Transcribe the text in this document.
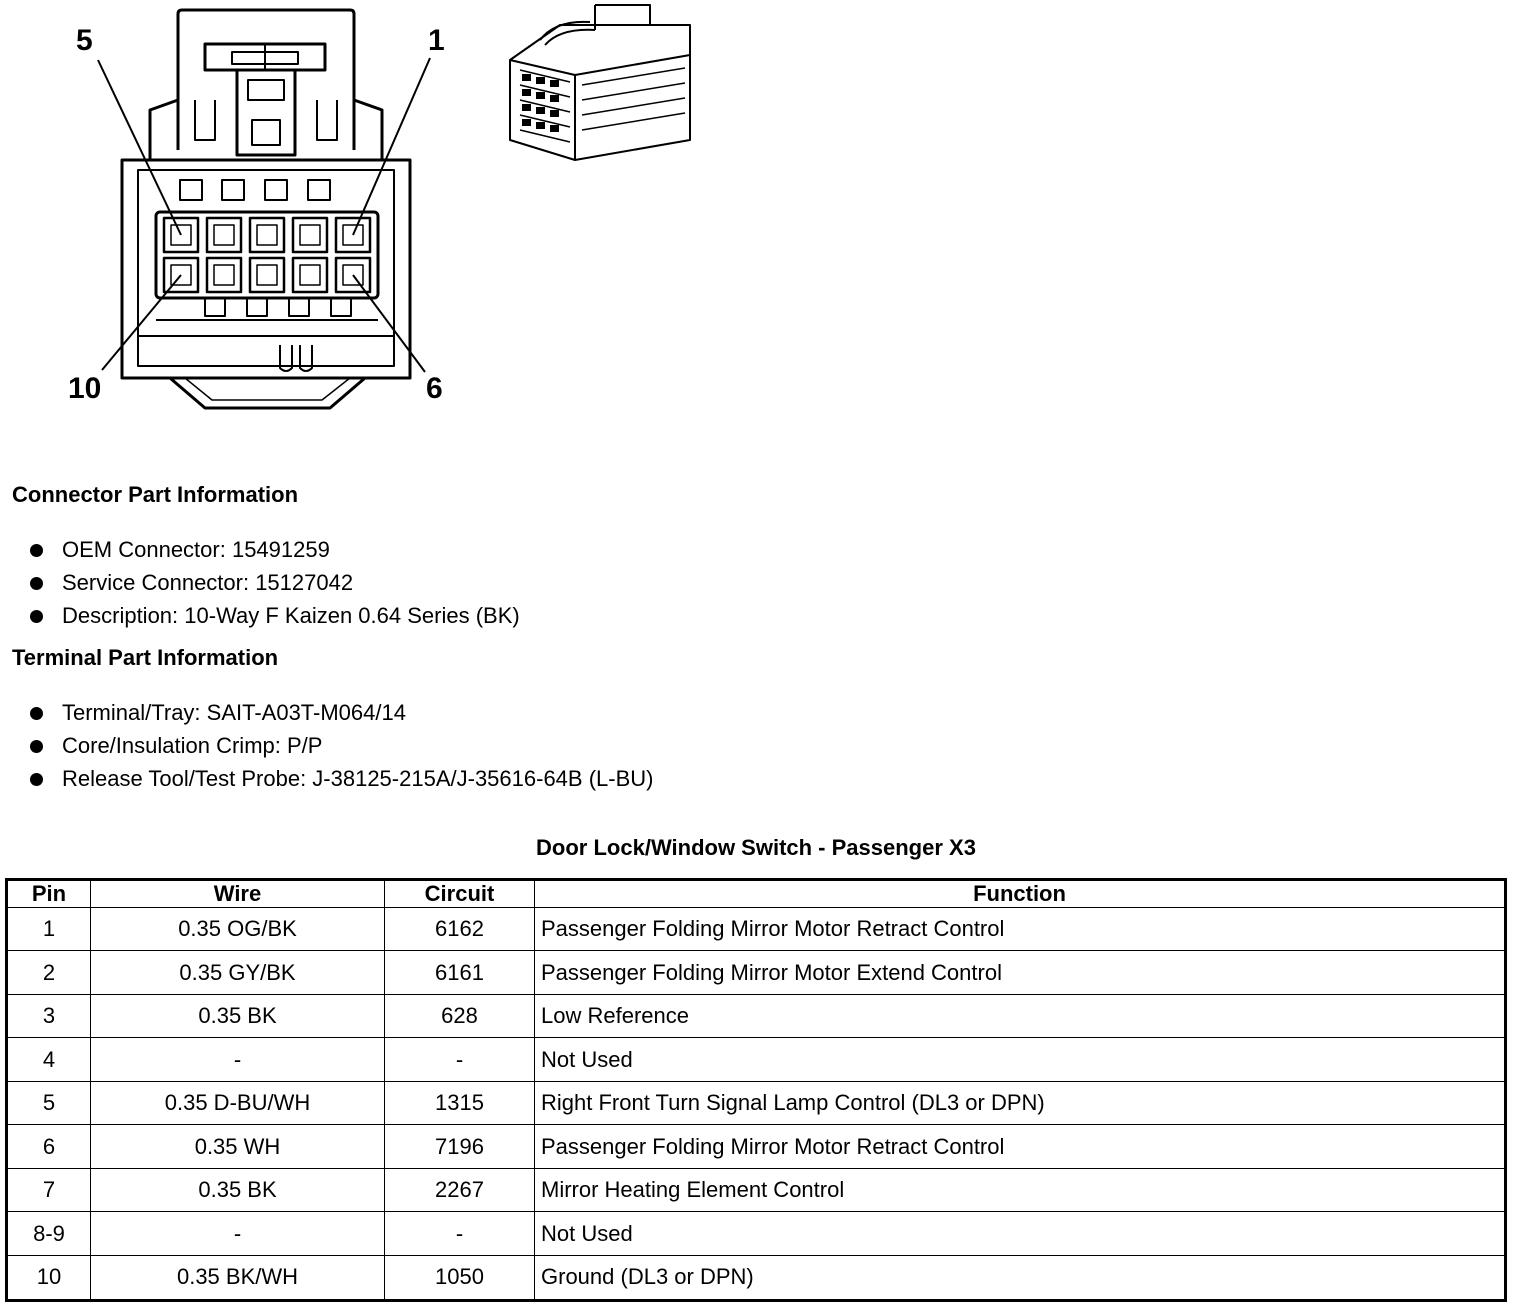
5	1
10	6
Connector Part Information
OEM Connector: 15491259
Service Connector: 15127042
Description: 10-Way F Kaizen 0.64 Series (BK)
Terminal Part Information
Terminal/Tray: SAIT-A03T-M064/14
Core/Insulation Crimp: P/P
Release Tool/Test Probe: J-38125-215A/J-35616-64B (L-BU)
Door Lock/Window Switch - Passenger X3
Pin	Wire	Circuit	Function
1	0.35 OG/BK	6162	Passenger Folding Mirror Motor Retract Control
2	0.35 GY/BK	6161	Passenger Folding Mirror Motor Extend Control
3	0.35 BK	628	Low Reference
4	-	-	Not Used
5	0.35 D-BU/WH	1315	Right Front Turn Signal Lamp Control (DL3 or DPN)
6	0.35 WH	7196	Passenger Folding Mirror Motor Retract Control
7	0.35 BK	2267	Mirror Heating Element Control
8-9	-	-	Not Used
10	0.35 BK/WH	1050	Ground (DL3 or DPN)
